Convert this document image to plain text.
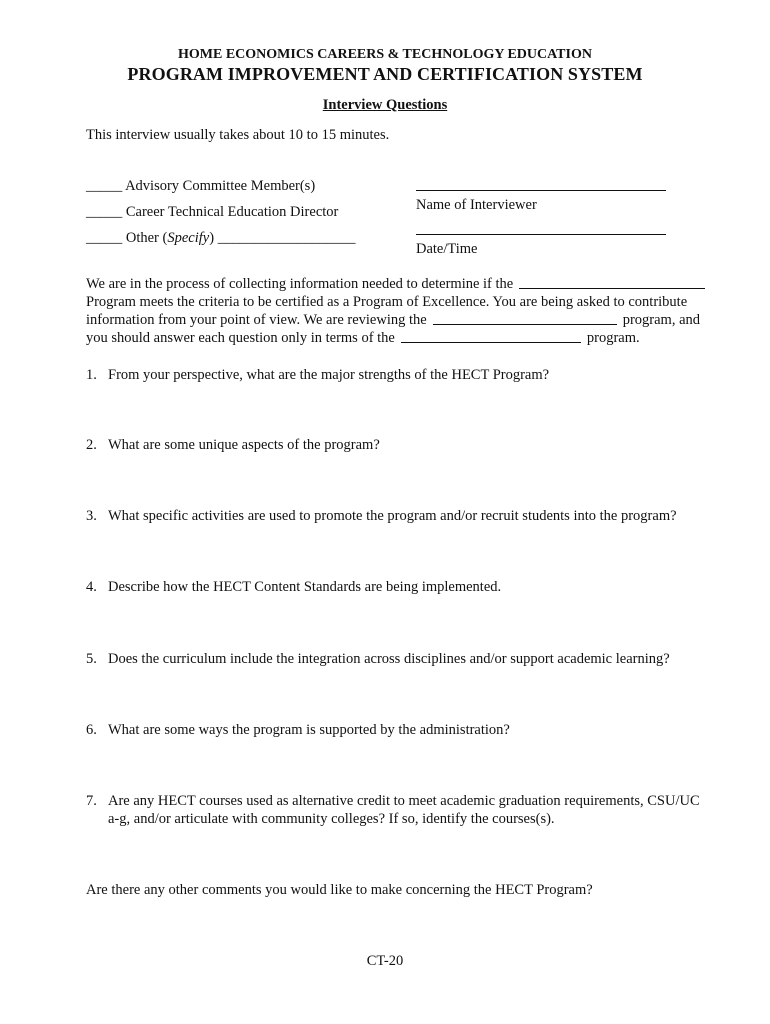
HOME ECONOMICS CAREERS & TECHNOLOGY EDUCATION
PROGRAM IMPROVEMENT AND CERTIFICATION SYSTEM
Interview Questions
This interview usually takes about 10 to 15 minutes.
_____ Advisory Committee Member(s)
_____ Career Technical Education Director
_____ Other (Specify) ___________________
Name of Interviewer
Date/Time
We are in the process of collecting information needed to determine if the
Program meets the criteria to be certified as a Program of Excellence. You are being asked to contribute
information from your point of view. We are reviewing the	program, and
you should answer each question only in terms of the	program.
1. From your perspective, what are the major strengths of the HECT Program?
2. What are some unique aspects of the program?
3. What specific activities are used to promote the program and/or recruit students into the program?
4. Describe how the HECT Content Standards are being implemented.
5. Does the curriculum include the integration across disciplines and/or support academic learning?
6. What are some ways the program is supported by the administration?
7. Are any HECT courses used as alternative credit to meet academic graduation requirements, CSU/UC
a-g, and/or articulate with community colleges? If so, identify the courses(s).
Are there any other comments you would like to make concerning the HECT Program?
CT-20
